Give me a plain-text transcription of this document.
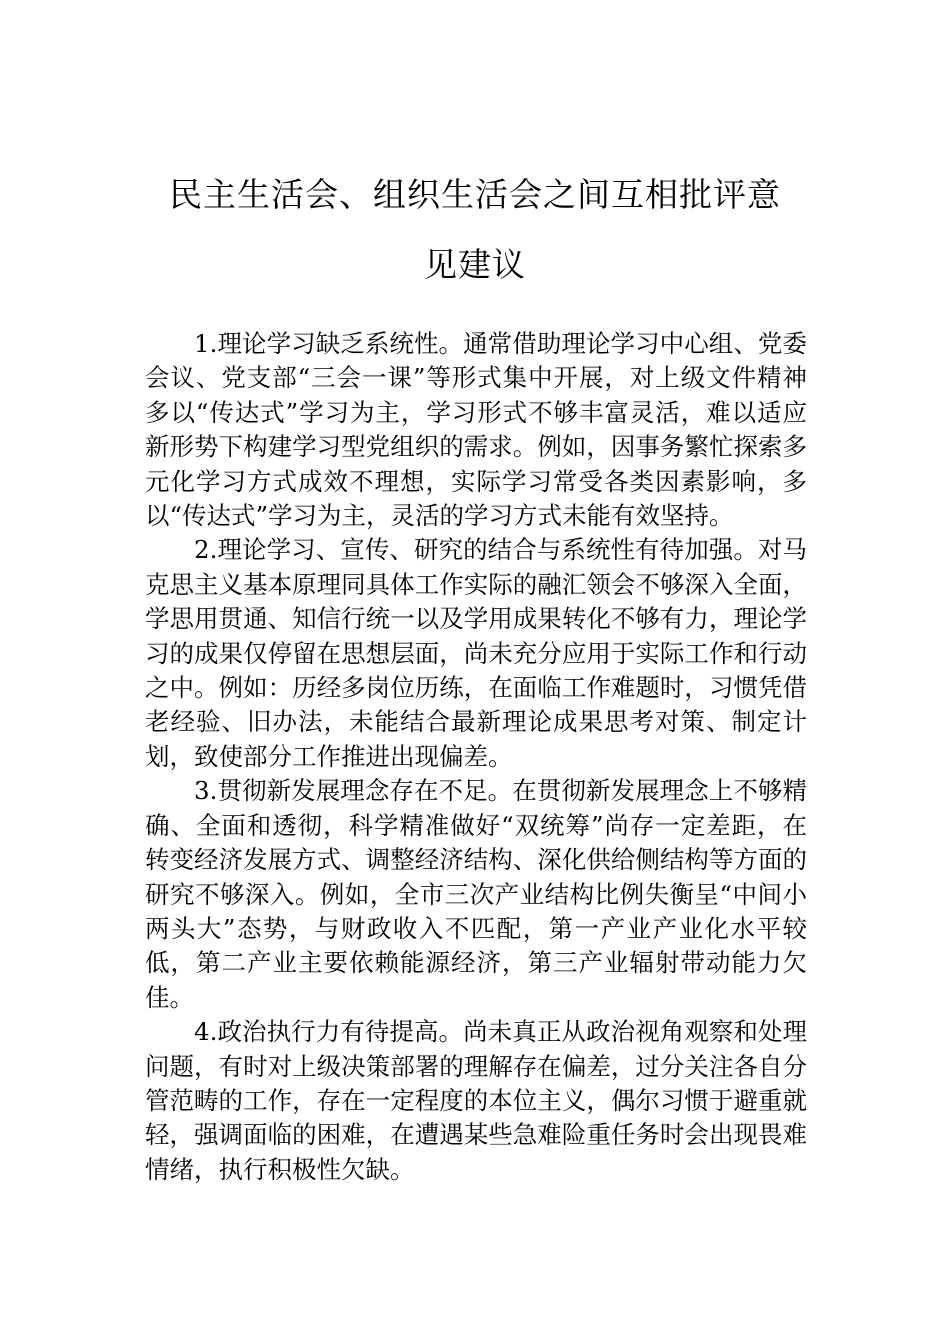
民主生活会、组织生活会之间互相批评意
见建议

1.理论学习缺乏系统性。通常借助理论学习中心组、党委会议、党支部“三会一课”等形式集中开展，对上级文件精神多以“传达式”学习为主，学习形式不够丰富灵活，难以适应新形势下构建学习型党组织的需求。例如，因事务繁忙探索多元化学习方式成效不理想，实际学习常受各类因素影响，多以“传达式”学习为主，灵活的学习方式未能有效坚持。

2.理论学习、宣传、研究的结合与系统性有待加强。对马克思主义基本原理同具体工作实际的融汇领会不够深入全面，学思用贯通、知信行统一以及学用成果转化不够有力，理论学习的成果仅停留在思想层面，尚未充分应用于实际工作和行动之中。例如：历经多岗位历练，在面临工作难题时，习惯凭借老经验、旧办法，未能结合最新理论成果思考对策、制定计划，致使部分工作推进出现偏差。

3.贯彻新发展理念存在不足。在贯彻新发展理念上不够精确、全面和透彻，科学精准做好“双统筹”尚存一定差距，在转变经济发展方式、调整经济结构、深化供给侧结构等方面的研究不够深入。例如，全市三次产业结构比例失衡呈“中间小两头大”态势，与财政收入不匹配，第一产业产业化水平较低，第二产业主要依赖能源经济，第三产业辐射带动能力欠佳。

4.政治执行力有待提高。尚未真正从政治视角观察和处理问题，有时对上级决策部署的理解存在偏差，过分关注各自分管范畴的工作，存在一定程度的本位主义，偶尔习惯于避重就轻，强调面临的困难，在遭遇某些急难险重任务时会出现畏难情绪，执行积极性欠缺。
